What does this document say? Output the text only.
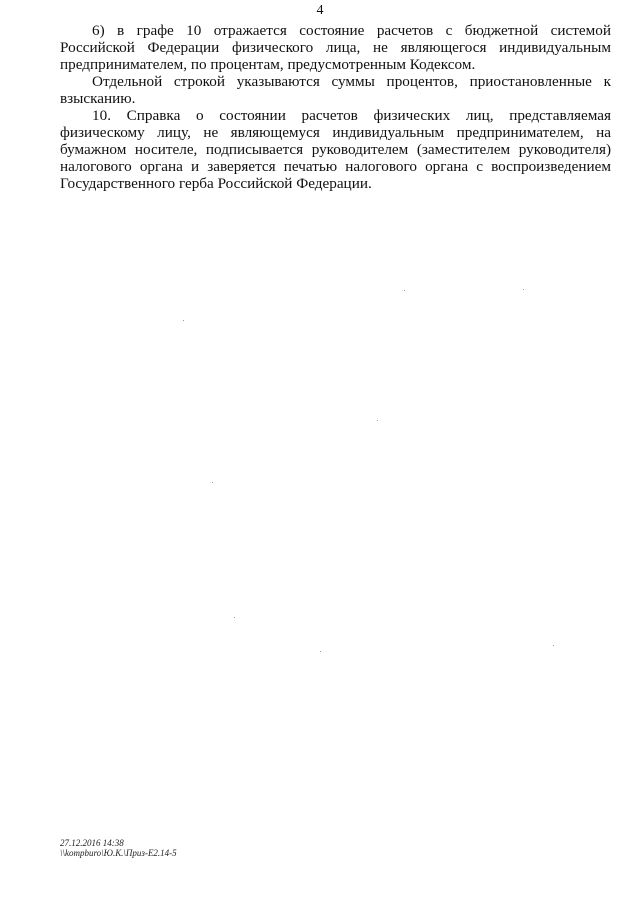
4

6) в графе 10 отражается состояние расчетов с бюджетной системой Российской Федерации физического лица, не являющегося индивидуальным предпринимателем, по процентам, предусмотренным Кодексом.

Отдельной строкой указываются суммы процентов, приостановленные к взысканию.

10. Справка о состоянии расчетов физических лиц, представляемая физическому лицу, не являющемуся индивидуальным предпринимателем, на бумажном носителе, подписывается руководителем (заместителем руководителя) налогового органа и заверяется печатью налогового органа с воспроизведением Государственного герба Российской Федерации.

27.12.2016 14:38
\\kompburo\Ю.К.\Приз-Е2.14-5
